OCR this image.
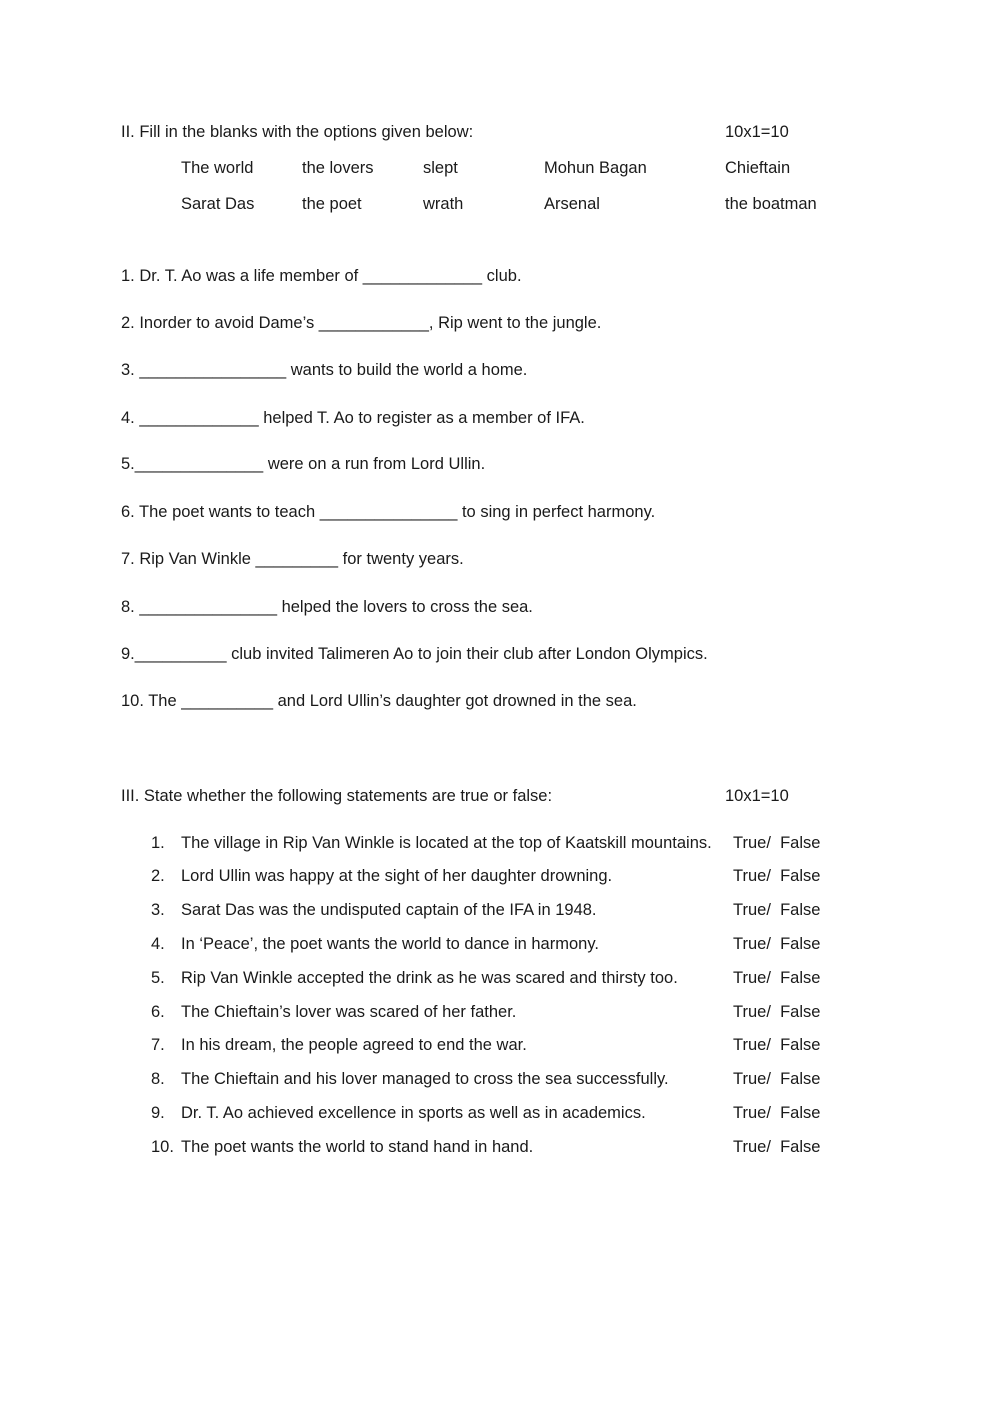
II. Fill in the blanks with the options given below:	10x1=10
The world	the lovers	slept	Mohun Bagan	Chieftain
Sarat Das	the poet	wrath	Arsenal	the boatman
1. Dr. T. Ao was a life member of _____________ club.
2. Inorder to avoid Dame’s ____________, Rip went to the jungle.
3. ________________ wants to build the world a home.
4. _____________ helped T. Ao to register as a member of IFA.
5.______________ were on a run from Lord Ullin.
6. The poet wants to teach _______________ to sing in perfect harmony.
7. Rip Van Winkle _________ for twenty years.
8. _______________ helped the lovers to cross the sea.
9.__________ club invited Talimeren Ao to join their club after London Olympics.
10. The __________ and Lord Ullin’s daughter got drowned in the sea.
III. State whether the following statements are true or false:	10x1=10
1. The village in Rip Van Winkle is located at the top of Kaatskill mountains. True/  False
2. Lord Ullin was happy at the sight of her daughter drowning.	True/  False
3. Sarat Das was the undisputed captain of the IFA in 1948.	True/  False
4. In ‘Peace’, the poet wants the world to dance in harmony.	True/  False
5. Rip Van Winkle accepted the drink as he was scared and thirsty too.	True/  False
6. The Chieftain’s lover was scared of her father.	True/  False
7. In his dream, the people agreed to end the war.	True/  False
8. The Chieftain and his lover managed to cross the sea successfully.	True/  False
9. Dr. T. Ao achieved excellence in sports as well as in academics.	True/  False
10. The poet wants the world to stand hand in hand.	True/  False
